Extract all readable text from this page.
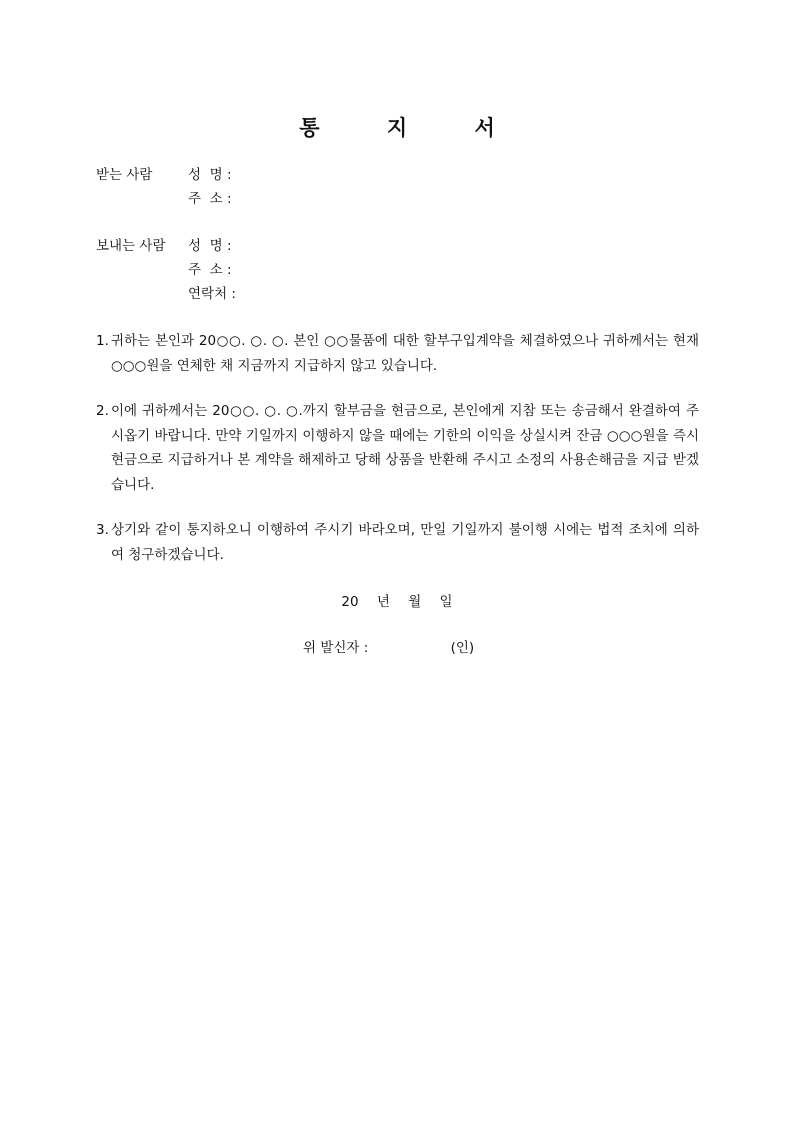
통 지 서
받는 사람	성  명 :
주  소 :
보내는 사람 성  명 :
주  소 :
연락처 :
1. 귀하는 본인과 20○○. ○. ○. 본인 ○○물품에 대한 할부구입계약을 체결하였으나 귀하께서는 현재 ○○○원을 연체한 채 지금까지 지급하지 않고 있습니다.
2. 이에 귀하께서는 20○○. ○. ○.까지 할부금을 현금으로, 본인에게 지참 또는 송금해서 완결하여 주시옵기 바랍니다. 만약 기일까지 이행하지 않을 때에는 기한의 이익을 상실시켜 잔금 ○○○원을 즉시 현금으로 지급하거나 본 계약을 해제하고 당해 상품을 반환해 주시고 소정의 사용손해금을 지급 받겠습니다.
3. 상기와 같이 통지하오니 이행하여 주시기 바라오며, 만일 기일까지 불이행 시에는 법적 조치에 의하여 청구하겠습니다.
20 년 월 일
위 발신자 :	(인)
